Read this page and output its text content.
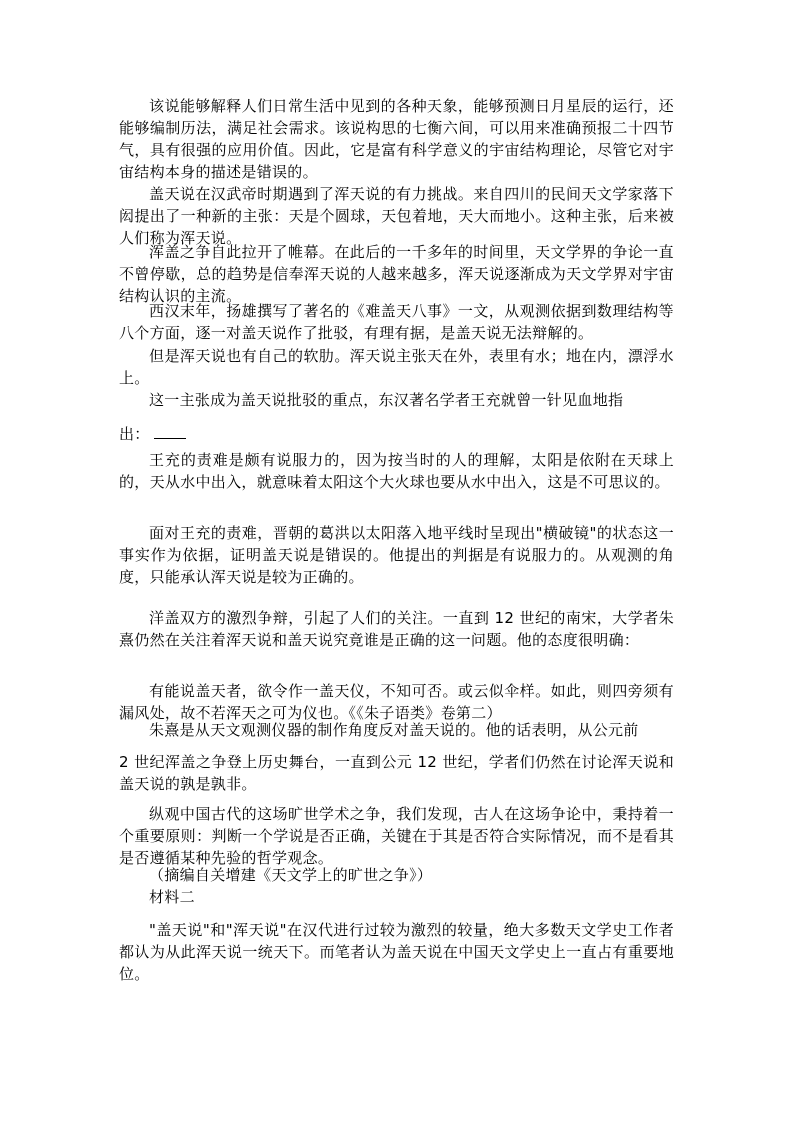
该说能够解释人们日常生活中见到的各种天象，能够预测日月星辰的运行，还能够编制历法，满足社会需求。该说构思的七衡六间，可以用来准确预报二十四节气，具有很强的应用价值。因此，它是富有科学意义的宇宙结构理论，尽管它对宇宙结构本身的描述是错误的。

盖天说在汉武帝时期遇到了浑天说的有力挑战。来自四川的民间天文学家落下闳提出了一种新的主张：天是个圆球，天包着地，天大而地小。这种主张，后来被人们称为浑天说。

浑盖之争自此拉开了帷幕。在此后的一千多年的时间里，天文学界的争论一直不曾停歇，总的趋势是信奉浑天说的人越来越多，浑天说逐渐成为天文学界对宇宙结构认识的主流。

西汉末年，扬雄撰写了著名的《难盖天八事》一文，从观测依据到数理结构等八个方面，逐一对盖天说作了批驳，有理有据，是盖天说无法辩解的。

但是浑天说也有自己的软肋。浑天说主张天在外，表里有水；地在内，漂浮水上。

这一主张成为盖天说批驳的重点，东汉著名学者王充就曾一针见血地指

出：

王充的责难是颇有说服力的，因为按当时的人的理解，太阳是依附在天球上的，天从水中出入，就意味着太阳这个大火球也要从水中出入，这是不可思议的。

面对王充的责难，晋朝的葛洪以太阳落入地平线时呈现出"横破镜"的状态这一事实作为依据，证明盖天说是错误的。他提出的判据是有说服力的。从观测的角度，只能承认浑天说是较为正确的。

洋盖双方的激烈争辩，引起了人们的关注。一直到 12 世纪的南宋，大学者朱熹仍然在关注着浑天说和盖天说究竟谁是正确的这一问题。他的态度很明确：

有能说盖天者，欲令作一盖天仪，不知可否。或云似伞样。如此，则四旁须有漏风处，故不若浑天之可为仪也。《《朱子语类》卷第二）

朱熹是从天文观测仪器的制作角度反对盖天说的。他的话表明，从公元前

2 世纪浑盖之争登上历史舞台，一直到公元 12 世纪，学者们仍然在讨论浑天说和盖天说的孰是孰非。

纵观中国古代的这场旷世学术之争，我们发现，古人在这场争论中，秉持着一个重要原则：判断一个学说是否正确，关键在于其是否符合实际情况，而不是看其是否遵循某种先验的哲学观念。

（摘编自关增建《天文学上的旷世之争》）

材料二

"盖天说"和"浑天说"在汉代进行过较为激烈的较量，绝大多数天文学史工作者都认为从此浑天说一统天下。而笔者认为盖天说在中国天文学史上一直占有重要地位。
